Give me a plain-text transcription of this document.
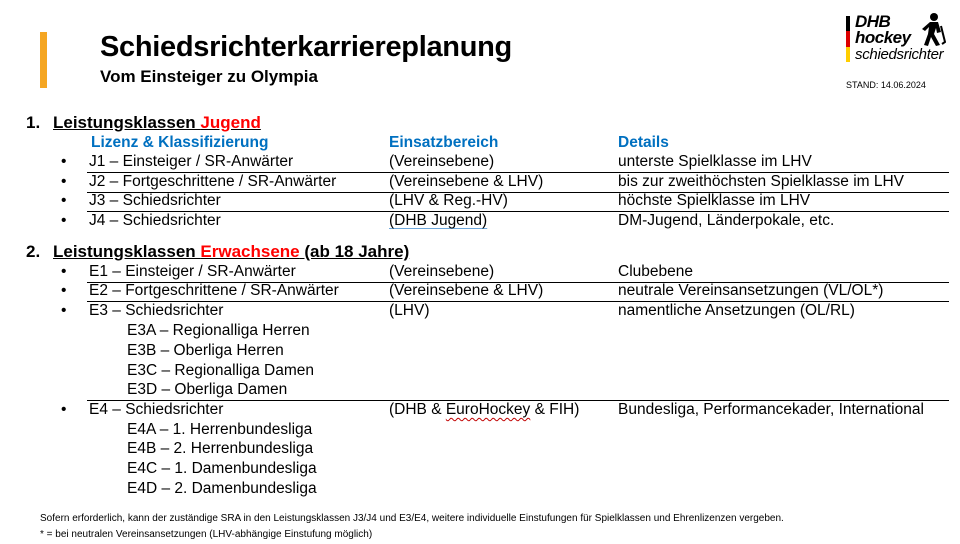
Schiedsrichterkarriereplanung
Vom Einsteiger zu Olympia
DHB
hockey
schiedsrichter
STAND: 14.06.2024
1. Leistungsklassen Jugend
Lizenz & Klassifizierung	Einsatzbereich	Details
• J1 – Einsteiger / SR-Anwärter	(Vereinsebene)	unterste Spielklasse im LHV
• J2 – Fortgeschrittene / SR-Anwärter	(Vereinsebene & LHV)	bis zur zweithöchsten Spielklasse im LHV
• J3 – Schiedsrichter	(LHV & Reg.-HV)	höchste Spielklasse im LHV
• J4 – Schiedsrichter	(DHB Jugend)	DM-Jugend, Länderpokale, etc.
2. Leistungsklassen Erwachsene (ab 18 Jahre)
• E1 – Einsteiger / SR-Anwärter	(Vereinsebene)	Clubebene
• E2 – Fortgeschrittene / SR-Anwärter	(Vereinsebene & LHV)	neutrale Vereinsansetzungen (VL/OL*)
• E3 – Schiedsrichter	(LHV)	namentliche Ansetzungen (OL/RL)
E3A – Regionalliga Herren
E3B – Oberliga Herren
E3C – Regionalliga Damen
E3D – Oberliga Damen
• E4 – Schiedsrichter	(DHB & EuroHockey & FIH) Bundesliga, Performancekader, International
E4A – 1. Herrenbundesliga
E4B – 2. Herrenbundesliga
E4C – 1. Damenbundesliga
E4D – 2. Damenbundesliga
Sofern erforderlich, kann der zuständige SRA in den Leistungsklassen J3/J4 und E3/E4, weitere individuelle Einstufungen für Spielklassen und Ehrenlizenzen vergeben.
* = bei neutralen Vereinsansetzungen (LHV-abhängige Einstufung möglich)
